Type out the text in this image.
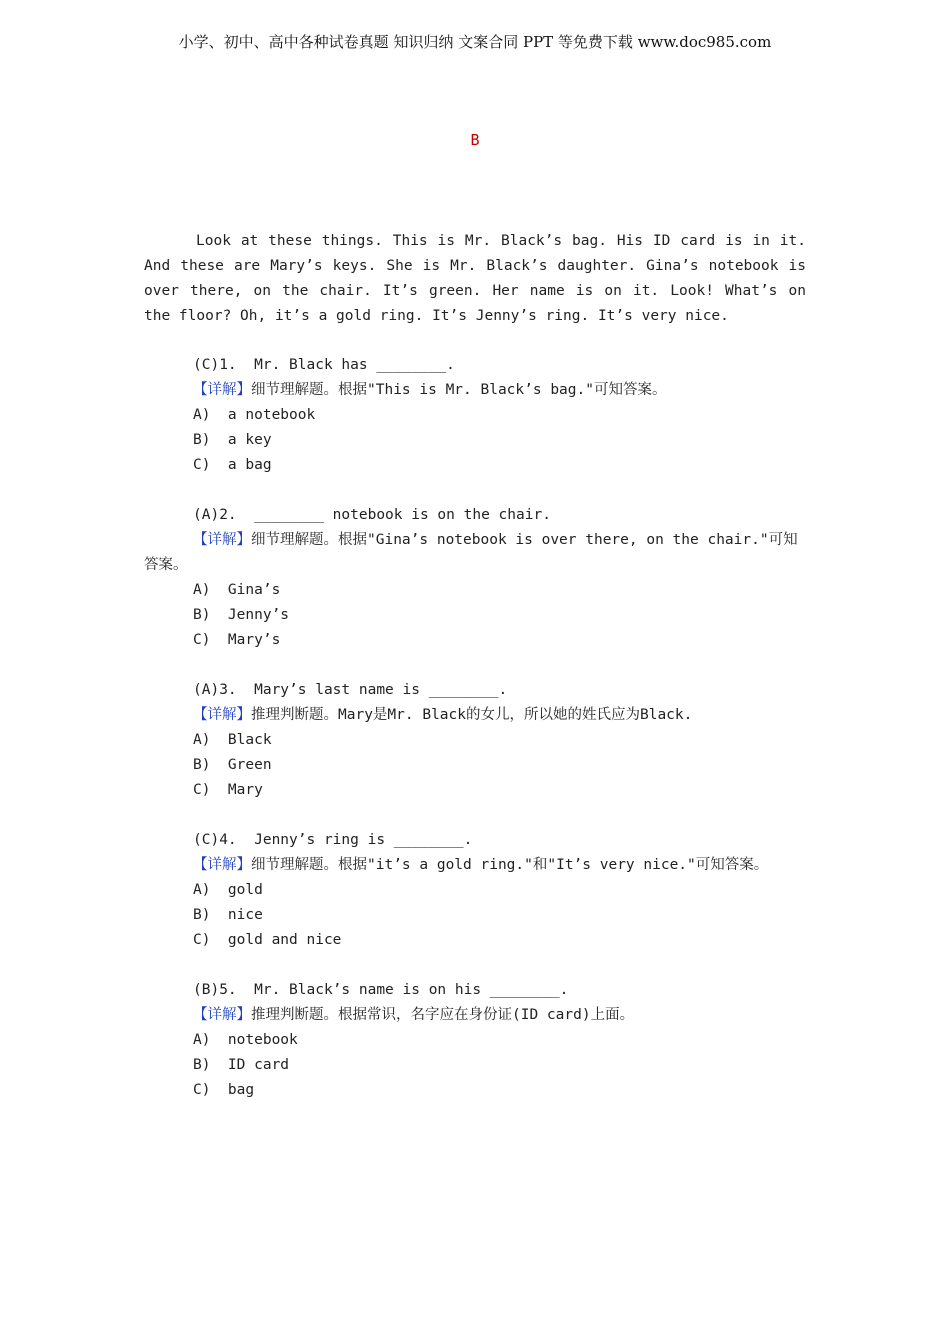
小学、初中、高中各种试卷真题 知识归纳 文案合同 PPT 等免费下载 www.doc985.com
B

Look at these things. This is Mr. Black’s bag. His ID card is in it. And these are Mary’s keys. She is Mr. Black’s daughter. Gina’s notebook is over there, on the chair. It’s green. Her name is on it. Look! What’s on the floor? Oh, it’s a gold ring. It’s Jenny’s ring. It’s very nice.

(C)1.  Mr. Black has ________.
【详解】细节理解题。根据"This is Mr. Black’s bag."可知答案。
A)  a notebook
B)  a key
C)  a bag
(A)2.  ________ notebook is on the chair.
【详解】细节理解题。根据"Gina’s notebook is over there, on the chair."可知答案。
A)  Gina’s
B)  Jenny’s
C)  Mary’s
(A)3.  Mary’s last name is ________.
【详解】推理判断题。Mary是Mr. Black的女儿，所以她的姓氏应为Black.
A)  Black
B)  Green
C)  Mary
(C)4.  Jenny’s ring is ________.
【详解】细节理解题。根据"it’s a gold ring."和"It’s very nice."可知答案。
A)  gold
B)  nice
C)  gold and nice
(B)5.  Mr. Black’s name is on his ________.
【详解】推理判断题。根据常识，名字应在身份证(ID card)上面。
A)  notebook
B)  ID card
C)  bag
